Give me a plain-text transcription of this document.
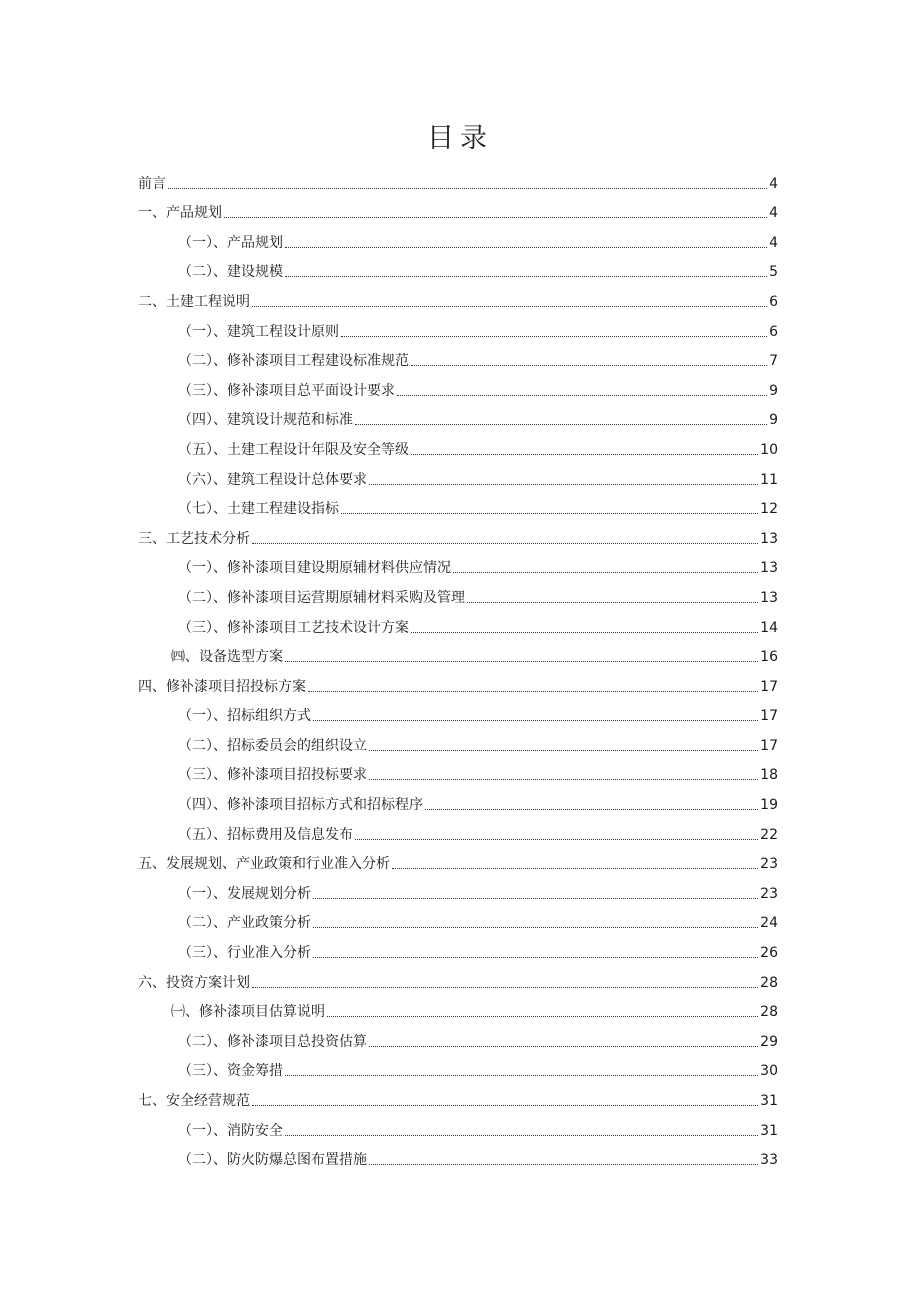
目录
前言	4
一、产品规划	4
（一）、产品规划	4
（二）、建设规模	5
二、土建工程说明	6
（一）、建筑工程设计原则	6
（二）、修补漆项目工程建设标准规范	7
（三）、修补漆项目总平面设计要求	9
（四）、建筑设计规范和标准	9
（五）、土建工程设计年限及安全等级	10
（六）、建筑工程设计总体要求	11
（七）、土建工程建设指标	12
三、工艺技术分析	13
（一）、修补漆项目建设期原辅材料供应情况	13
（二）、修补漆项目运营期原辅材料采购及管理	13
（三）、修补漆项目工艺技术设计方案	14
㈣、设备选型方案	16
四、修补漆项目招投标方案	17
（一）、招标组织方式	17
（二）、招标委员会的组织设立	17
（三）、修补漆项目招投标要求	18
（四）、修补漆项目招标方式和招标程序	19
（五）、招标费用及信息发布	22
五、发展规划、产业政策和行业准入分析	23
（一）、发展规划分析	23
（二）、产业政策分析	24
（三）、行业准入分析	26
六、投资方案计划	28
㈠、修补漆项目估算说明	28
（二）、修补漆项目总投资估算	29
（三）、资金筹措	30
七、安全经营规范	31
（一）、消防安全	31
（二）、防火防爆总图布置措施	33
